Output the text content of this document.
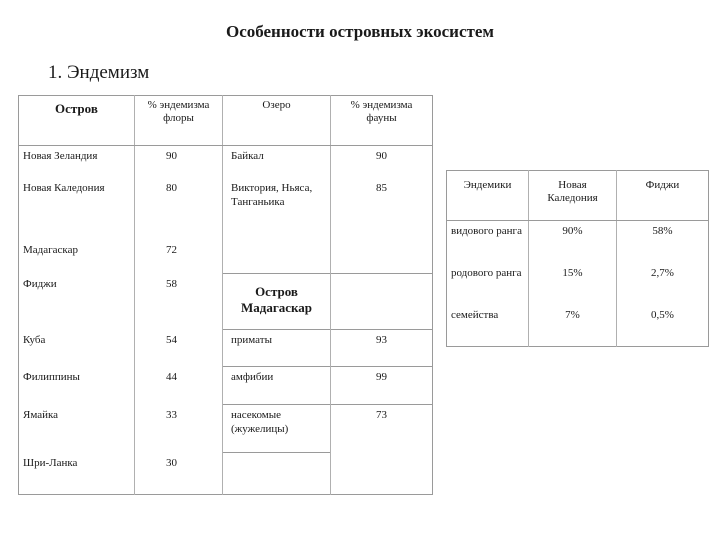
Особенности островных экосистем
1. Эндемизм
Остров	% эндемизма флоры	Озеро	% эндемизма фауны
Новая Зеландия	90	Байкал	90
Новая Каледония	80	Виктория, Ньяса, Танганьика	85
Мадагаскар	72		
Фиджи	58	Остров Мадагаскар	
Куба	54	приматы	93
Филиппины	44	амфибии	99
Ямайка	33	насекомые (жужелицы)	73
Шри-Ланка	30		
Эндемики	Новая Каледония	Фиджи
видового ранга	90%	58%
родового ранга	15%	2,7%
семейства	7%	0,5%
